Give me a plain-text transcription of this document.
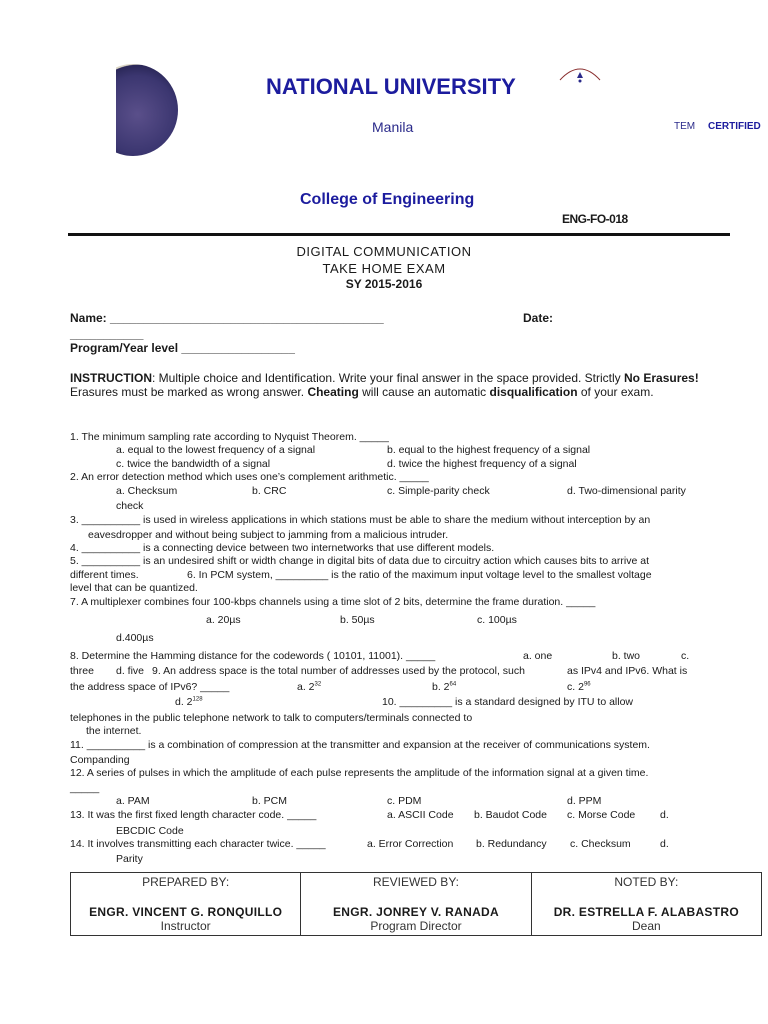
NATIONAL UNIVERSITY
Manila	TEM CERTIFIED
College of Engineering
ENG-FO-018
DIGITAL COMMUNICATION
TAKE HOME EXAM
SY 2015-2016
Name: _________________________________________	Date:
___________
Program/Year level _________________
INSTRUCTION: Multiple choice and Identification. Write your final answer in the space provided. Strictly No Erasures! Erasures must be marked as wrong answer. Cheating will cause an automatic disqualification of your exam.
1. The minimum sampling rate according to Nyquist Theorem. _____
a. equal to the lowest frequency of a signal	b. equal to the highest frequency of a signal
c. twice the bandwidth of a signal	d. twice the highest frequency of a signal
2. An error detection method which uses one’s complement arithmetic. _____
a. Checksum	b. CRC	c. Simple-parity check	d. Two-dimensional parity
check
3. __________ is used in wireless applications in which stations must be able to share the medium without interception by an
eavesdropper and without being subject to jamming from a malicious intruder.
4. __________ is a connecting device between two internetworks that use different models.
5. __________ is an undesired shift or width change in digital bits of data due to circuitry action which causes bits to arrive at
different times.	6. In PCM system, _________ is the ratio of the maximum input voltage level to the smallest voltage
level that can be quantized.
7. A multiplexer combines four 100-kbps channels using a time slot of 2 bits, determine the frame duration. _____
a. 20µs	b. 50µs	c. 100µs
d.400µs
8. Determine the Hamming distance for the codewords ( 10101, 11001). _____	a. one	b. two	c.
three d. five 9. An address space is the total number of addresses used by the protocol, such	as IPv4 and IPv6. What is
the address space of IPv6? _____	a. $2^{32}$	b. $2^{64}$	c. $2^{96}$
d. $2^{128}$	10. _________ is a standard designed by ITU to allow
telephones in the public telephone network to talk to computers/terminals connected to
the internet.
11. __________ is a combination of compression at the transmitter and expansion at the receiver of communications system.
Companding
12. A series of pulses in which the amplitude of each pulse represents the amplitude of the information signal at a given time.
_____
a. PAM	b. PCM	c. PDM	d. PPM
13. It was the first fixed length character code. _____	a. ASCII Code b. Baudot Code c. Morse Code d.
EBCDIC Code
14. It involves transmitting each character twice. _____	a. Error Correction b. Redundancy c. Checksum	d.
Parity
PREPARED BY:
ENGR. VINCENT G. RONQUILLO
Instructor

REVIEWED BY:
ENGR. JONREY V. RANADA
Program Director

NOTED BY:
DR. ESTRELLA F. ALABASTRO
Dean
